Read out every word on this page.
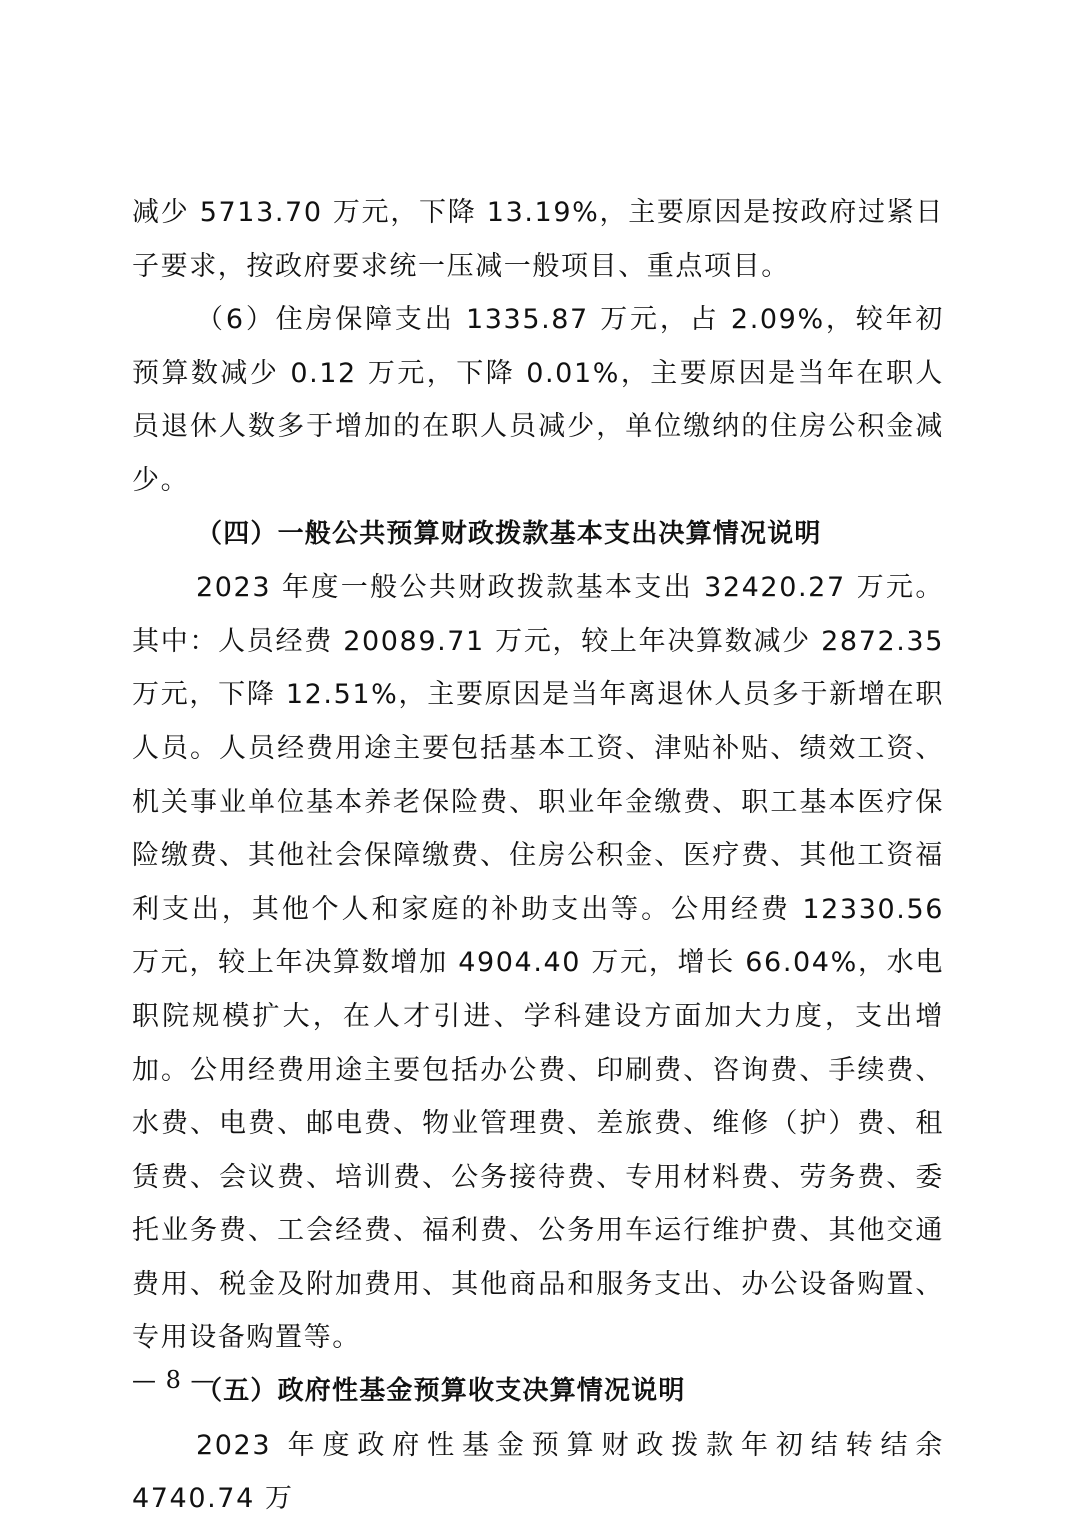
减少 5713.70 万元，下降 13.19%，主要原因是按政府过紧日子要求，按政府要求统一压减一般项目、重点项目。

（6）住房保障支出 1335.87 万元，占 2.09%，较年初预算数减少 0.12 万元，下降 0.01%，主要原因是当年在职人员退休人数多于增加的在职人员减少，单位缴纳的住房公积金减少。

（四）一般公共预算财政拨款基本支出决算情况说明

2023 年度一般公共财政拨款基本支出 32420.27 万元。其中：人员经费 20089.71 万元，较上年决算数减少 2872.35 万元，下降 12.51%，主要原因是当年离退休人员多于新增在职人员。人员经费用途主要包括基本工资、津贴补贴、绩效工资、机关事业单位基本养老保险费、职业年金缴费、职工基本医疗保险缴费、其他社会保障缴费、住房公积金、医疗费、其他工资福利支出，其他个人和家庭的补助支出等。公用经费 12330.56 万元，较上年决算数增加 4904.40 万元，增长 66.04%，水电职院规模扩大，在人才引进、学科建设方面加大力度，支出增加。公用经费用途主要包括办公费、印刷费、咨询费、手续费、水费、电费、邮电费、物业管理费、差旅费、维修（护）费、租赁费、会议费、培训费、公务接待费、专用材料费、劳务费、委托业务费、工会经费、福利费、公务用车运行维护费、其他交通费用、税金及附加费用、其他商品和服务支出、办公设备购置、专用设备购置等。

（五）政府性基金预算收支决算情况说明

2023 年度政府性基金预算财政拨款年初结转结余 4740.74 万

— 8 —
